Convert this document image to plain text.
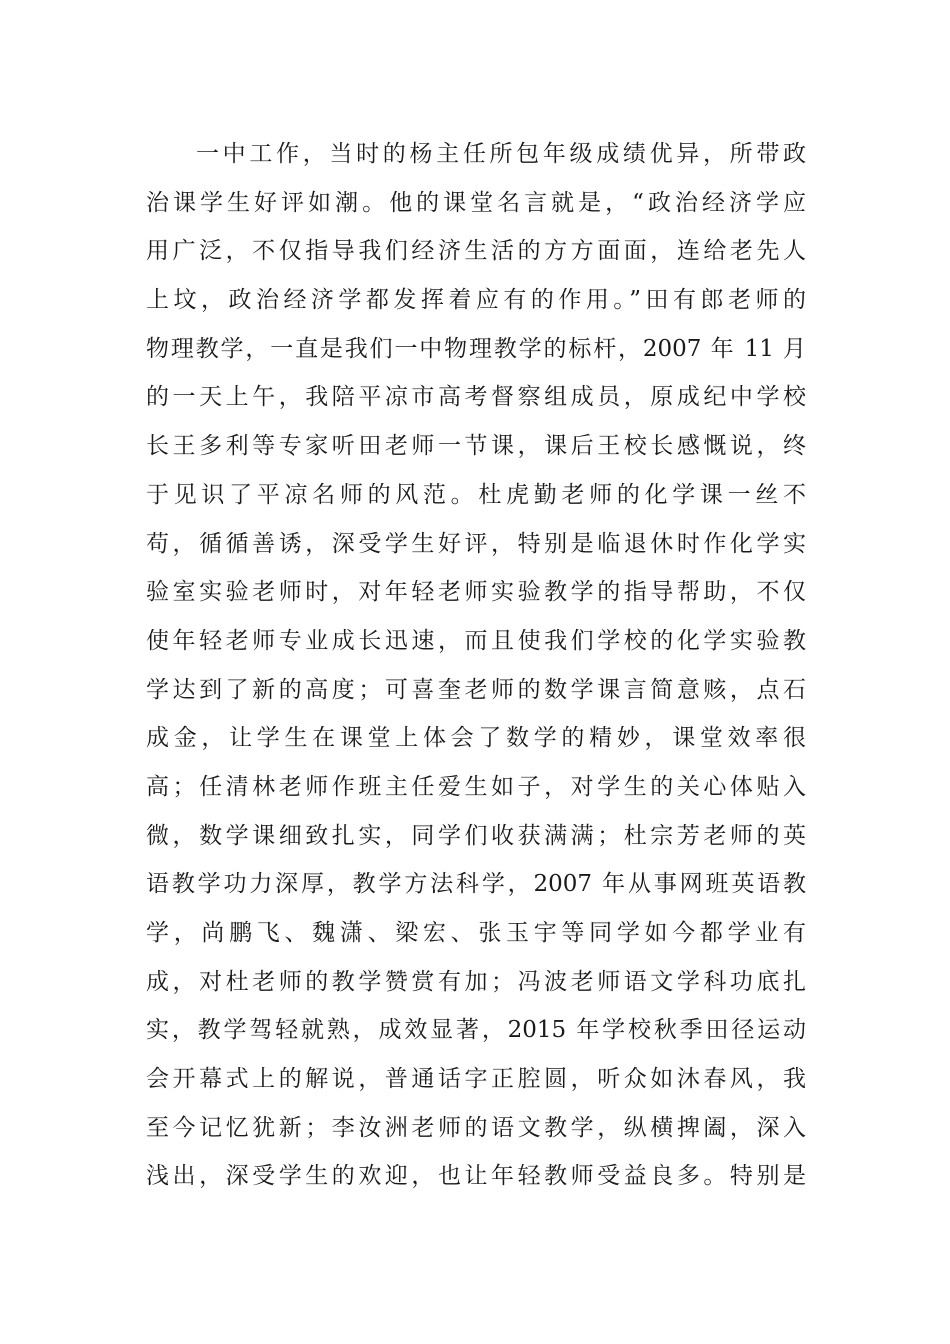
一中工作，当时的杨主任所包年级成绩优异，所带政
治课学生好评如潮。他的课堂名言就是，“政治经济学应
用广泛，不仅指导我们经济生活的方方面面，连给老先人
上坟，政治经济学都发挥着应有的作用。”田有郎老师的
物理教学，一直是我们一中物理教学的标杆，2007 年 11 月
的一天上午，我陪平凉市高考督察组成员，原成纪中学校
长王多利等专家听田老师一节课，课后王校长感慨说，终
于见识了平凉名师的风范。杜虎勤老师的化学课一丝不
苟，循循善诱，深受学生好评，特别是临退休时作化学实
验室实验老师时，对年轻老师实验教学的指导帮助，不仅
使年轻老师专业成长迅速，而且使我们学校的化学实验教
学达到了新的高度；可喜奎老师的数学课言简意赅，点石
成金，让学生在课堂上体会了数学的精妙，课堂效率很
高；任清林老师作班主任爱生如子，对学生的关心体贴入
微，数学课细致扎实，同学们收获满满；杜宗芳老师的英
语教学功力深厚，教学方法科学，2007 年从事网班英语教
学，尚鹏飞、魏潇、梁宏、张玉宇等同学如今都学业有
成，对杜老师的教学赞赏有加；冯波老师语文学科功底扎
实，教学驾轻就熟，成效显著，2015 年学校秋季田径运动
会开幕式上的解说，普通话字正腔圆，听众如沐春风，我
至今记忆犹新；李汝洲老师的语文教学，纵横捭阖，深入
浅出，深受学生的欢迎，也让年轻教师受益良多。特别是
